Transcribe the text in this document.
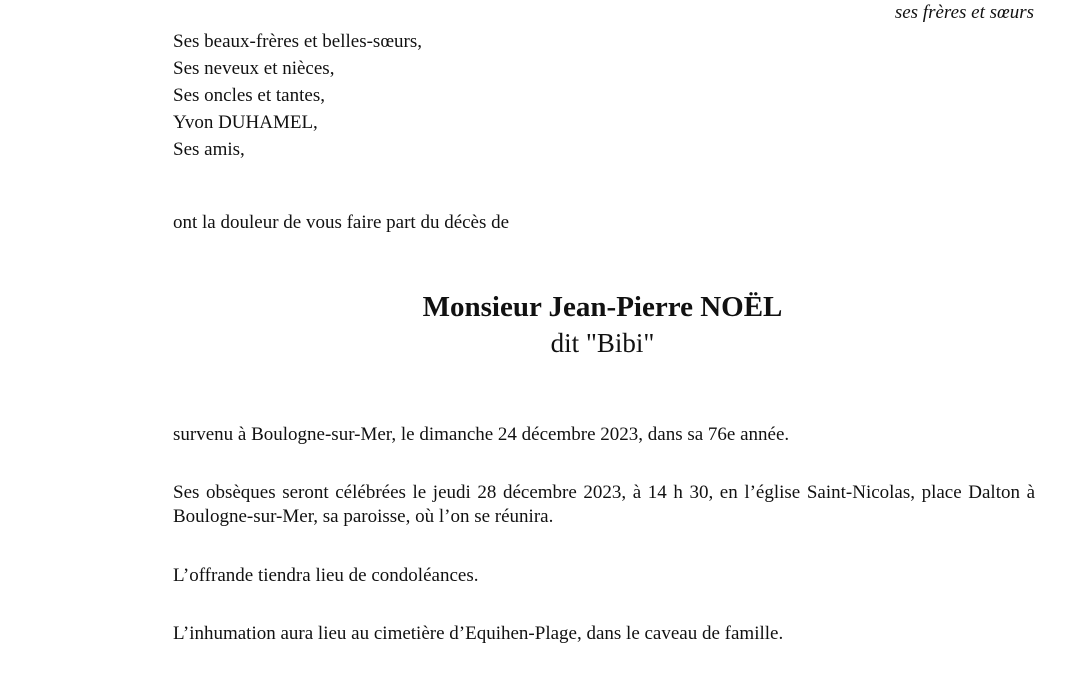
ses frères et sœurs
Ses beaux-frères et belles-sœurs,
Ses neveux et nièces,
Ses oncles et tantes,
Yvon DUHAMEL,
Ses amis,
ont la douleur de vous faire part du décès de
Monsieur Jean-Pierre NOËL
dit "Bibi"
survenu à Boulogne-sur-Mer, le dimanche 24 décembre 2023, dans sa 76e année.
Ses obsèques seront célébrées le jeudi 28 décembre 2023, à 14 h 30, en l’église Saint-Nicolas, place Dalton à Boulogne-sur-Mer, sa paroisse, où l’on se réunira.
L’offrande tiendra lieu de condoléances.
L’inhumation aura lieu au cimetière d’Equihen-Plage, dans le caveau de famille.
